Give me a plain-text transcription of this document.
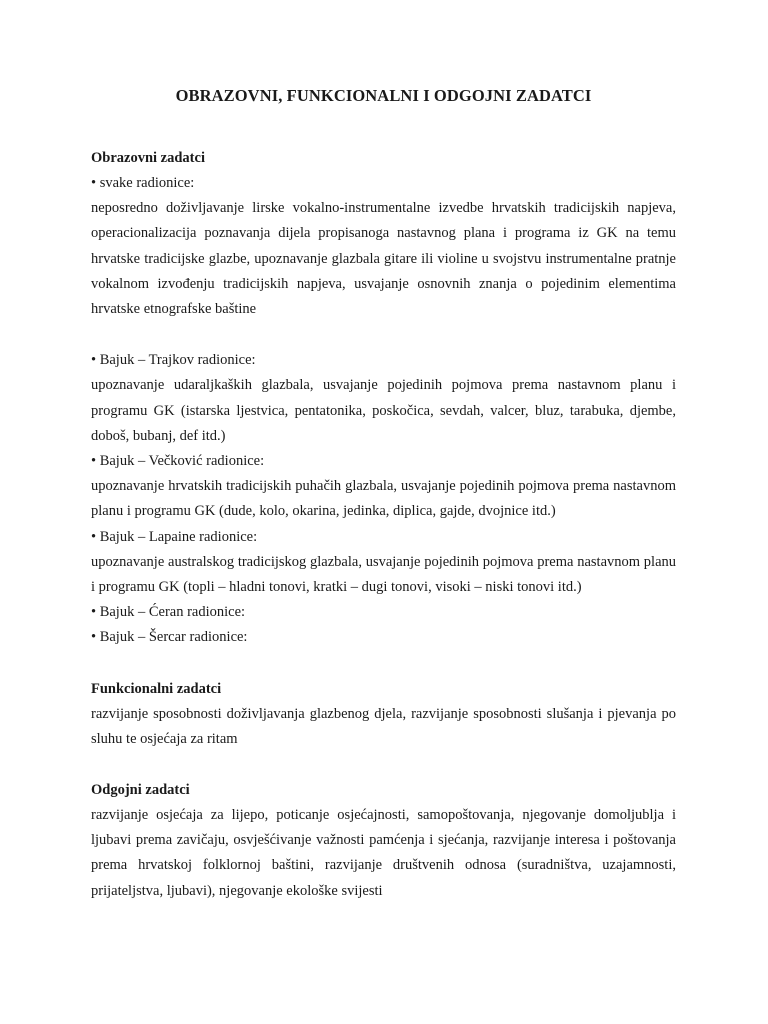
OBRAZOVNI, FUNKCIONALNI I ODGOJNI ZADATCI

Obrazovni zadatci

• svake radionice:

neposredno doživljavanje lirske vokalno-instrumentalne izvedbe hrvatskih tradicijskih napjeva, operacionalizacija poznavanja dijela propisanoga nastavnog plana i programa iz GK na temu hrvatske tradicijske glazbe, upoznavanje glazbala gitare ili violine u svojstvu instrumentalne pratnje vokalnom izvođenju tradicijskih napjeva, usvajanje osnovnih znanja o pojedinim elementima hrvatske etnografske baštine

• Bajuk – Trajkov radionice:

upoznavanje udaraljkaških glazbala, usvajanje pojedinih pojmova prema nastavnom planu i programu GK (istarska ljestvica, pentatonika, poskočica, sevdah, valcer, bluz, tarabuka, djembe, doboš, bubanj, def itd.)

• Bajuk – Večković radionice:

upoznavanje hrvatskih tradicijskih puhačih glazbala, usvajanje pojedinih pojmova prema nastavnom planu i programu GK (dude, kolo, okarina, jedinka, diplica, gajde, dvojnice itd.)

• Bajuk – Lapaine radionice:

upoznavanje australskog tradicijskog glazbala, usvajanje pojedinih pojmova prema nastavnom planu i programu GK (topli – hladni tonovi, kratki – dugi tonovi, visoki – niski tonovi itd.)

• Bajuk – Ćeran radionice:

• Bajuk – Šercar radionice:

Funkcionalni zadatci

razvijanje sposobnosti doživljavanja glazbenog djela, razvijanje sposobnosti slušanja i pjevanja po sluhu te osjećaja za ritam

Odgojni zadatci

razvijanje osjećaja za lijepo, poticanje osjećajnosti, samopoštovanja, njegovanje domoljublja i ljubavi prema zavičaju, osvješćivanje važnosti pamćenja i sjećanja, razvijanje interesa i poštovanja prema hrvatskoj folklornoj baštini, razvijanje društvenih odnosa (suradništva, uzajamnosti, prijateljstva, ljubavi), njegovanje ekološke svijesti
